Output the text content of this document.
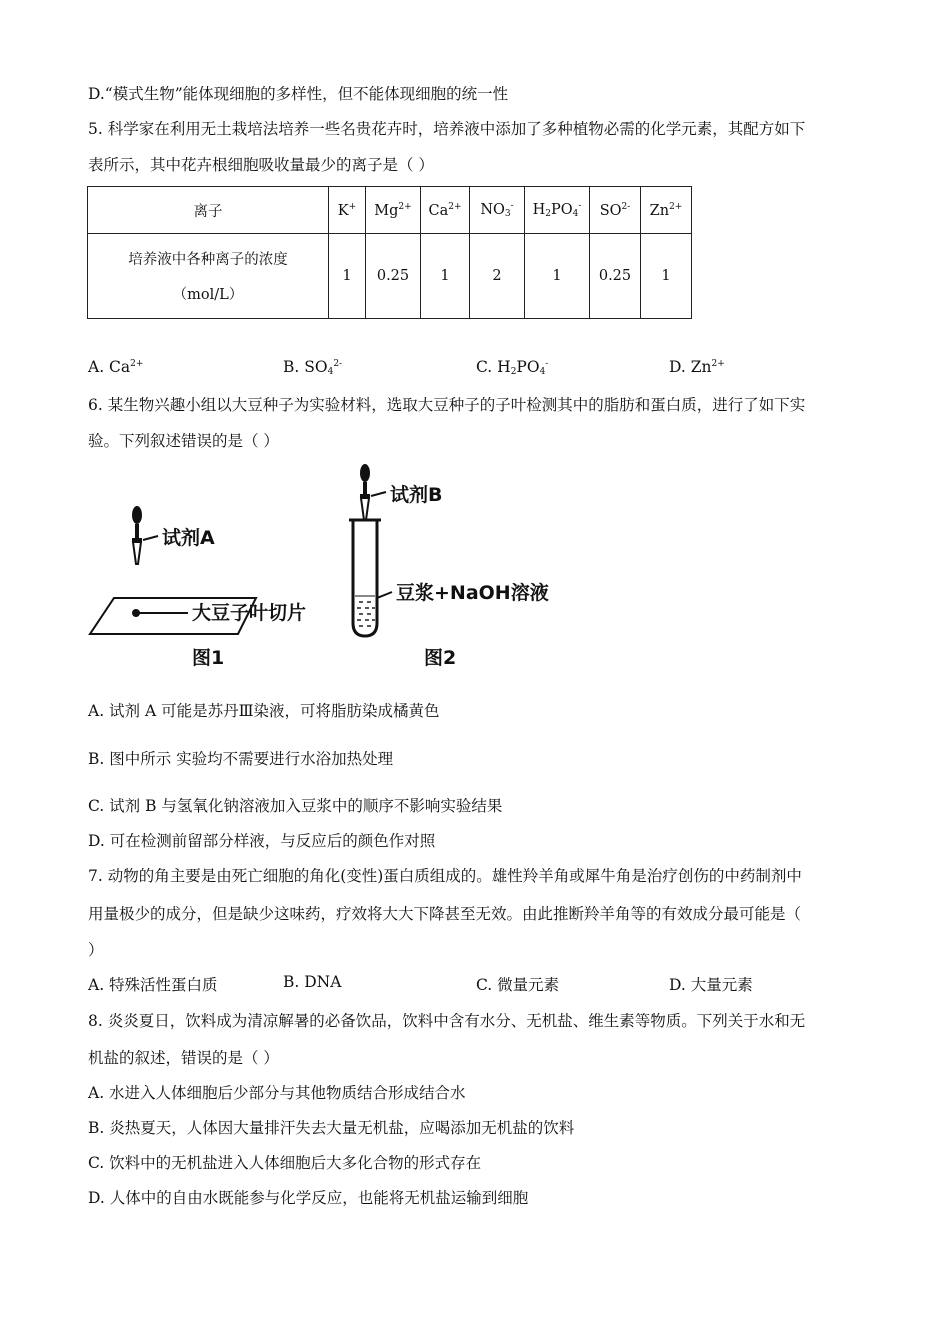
D.“模式生物”能体现细胞的多样性，但不能体现细胞的统一性
5. 科学家在利用无土栽培法培养一些名贵花卉时，培养液中添加了多种植物必需的化学元素，其配方如下
表所示，其中花卉根细胞吸收量最少的离子是（ ）
离子	K+	$Mg^{2+}$	$Ca^{2+}$	$NO_3^-$	$H_2PO_4^-$	$SO^{2-}$	$Zn^{2+}$

培养液中各种离子的浓度
（mol/L）	1	0.25	1	2	1	0.25	1
A. $Ca^{2+}$	B. $SO_4^{2-}$	C. $H_2PO_4^-$	D. $Zn^{2+}$
6. 某生物兴趣小组以大豆种子为实验材料，选取大豆种子的子叶检测其中的脂肪和蛋白质，进行了如下实
验。下列叙述错误的是（ ）
试剂A
大豆子叶切片
图1
试剂B
豆浆+NaOH溶液
图2
A. 试剂 A 可能是苏丹Ⅲ染液，可将脂肪染成橘黄色
B. 图中所示 实验均不需要进行水浴加热处理
C. 试剂 B 与氢氧化钠溶液加入豆浆中的顺序不影响实验结果
D. 可在检测前留部分样液，与反应后的颜色作对照
7. 动物的角主要是由死亡细胞的角化(变性)蛋白质组成的。雄性羚羊角或犀牛角是治疗创伤的中药制剂中
用量极少的成分，但是缺少这味药，疗效将大大下降甚至无效。由此推断羚羊角等的有效成分最可能是（
）
A. 特殊活性蛋白质	B. DNA	C. 微量元素	D. 大量元素
8. 炎炎夏日，饮料成为清凉解暑的必备饮品，饮料中含有水分、无机盐、维生素等物质。下列关于水和无
机盐的叙述，错误的是（ ）
A. 水进入人体细胞后少部分与其他物质结合形成结合水
B. 炎热夏天，人体因大量排汗失去大量无机盐，应喝添加无机盐的饮料
C. 饮料中的无机盐进入人体细胞后大多化合物的形式存在
D. 人体中的自由水既能参与化学反应，也能将无机盐运输到细胞
